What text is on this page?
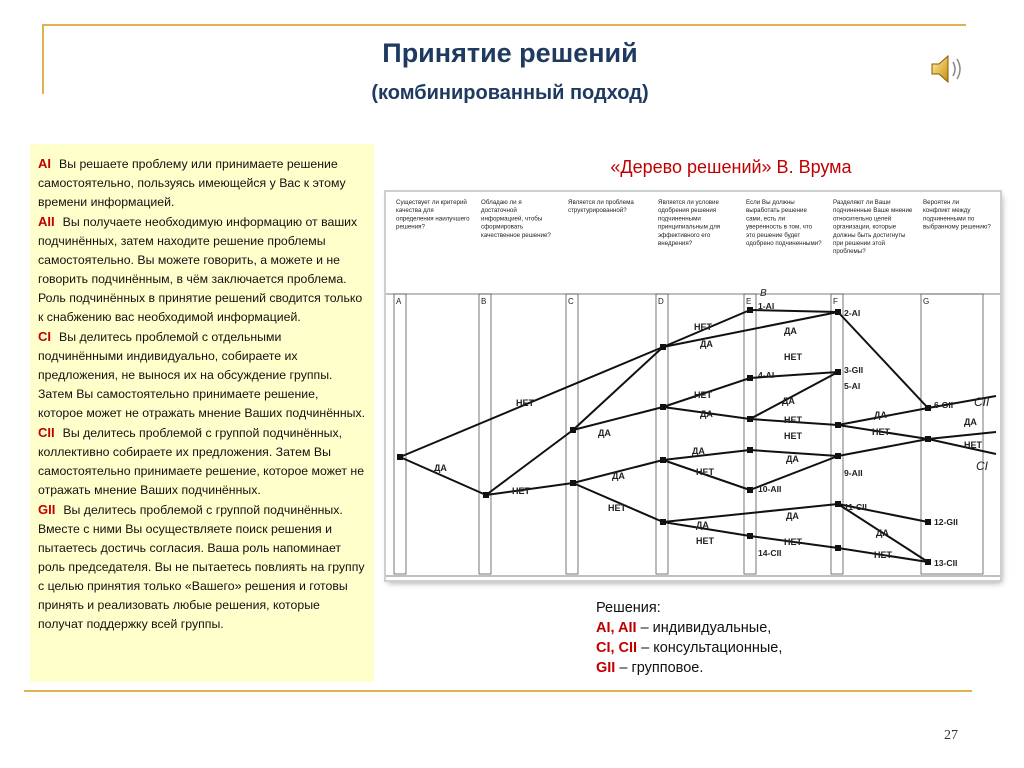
Принятие решений
(комбинированный подход)

AI Вы решаете проблему или принимаете решение самостоятельно, пользуясь имеющейся у Вас к этому времени информацией.

AII Вы получаете необходимую информацию от ваших подчинённых, затем находите решение проблемы самостоятельно. Вы можете говорить, а можете и не говорить подчинённым, в чём заключается проблема. Роль подчинённых в принятие решений сводится только к снабжению вас необходимой информацией.

CI Вы делитесь проблемой с отдельными подчинёнными индивидуально, собираете их предложения, не вынося их на обсуждение группы. Затем Вы самостоятельно принимаете решение, которое может не отражать мнение Ваших подчинённых.

CII Вы делитесь проблемой с группой подчинённых, коллективно собираете их предложения. Затем Вы самостоятельно принимаете решение, которое может не отражать мнение Ваших подчинённых.

GII Вы делитесь проблемой с группой подчинённых. Вместе с ними Вы осуществляете поиск решения и пытаетесь достичь согласия. Ваша роль напоминает роль председателя. Вы не пытаетесь повлиять на группу с целью принятия только «Вашего» решения и готовы принять и реализовать любые решения, которые получат поддержку всей группы.

«Дерево решений» В. Врума
A	B	C	D	E	F	G
Существует ли критерий
качества для
определения наилучшего
решения?
Обладаю ли я
достаточной
информацией, чтобы
сформировать
качественное решение?
Является ли проблема
структурированной?
Является ли условие
одобрения решения
подчиненными
принципиальным для
эффективного его
внедрения?
Если Вы должны
выработать решение
сами, есть ли
уверенность в том, что
это решение будет
одобрено подчиненными?
Разделяют ли Ваши
подчиненные Ваше мнение
относительно целей
организации, которые
должны быть достигнуты
при решении этой
проблемы?
Вероятен ли
конфликт между
подчиненными по
выбранному решению?
ДА
НЕТ
НЕТ
ДА
НЕТ
ДА
НЕТ
ДА
НЕТ
ДА
ДА
НЕТ
ДА
НЕТ
ДА
НЕТ
ДА
НЕТ
НЕТ
ДА
ДА
НЕТ
ДА
НЕТ
ДА
НЕТ
ДА
НЕТ
1-AI
2-AI
3-GII
4-AI
5-AI
6-GII
9-AII
10-AII
11-CII
12-GII
13-CII
14-CII
B
CII
CI
Решения:
AI, AII – индивидуальные,
CI, CII – консультационные,
GII – групповое.
27
